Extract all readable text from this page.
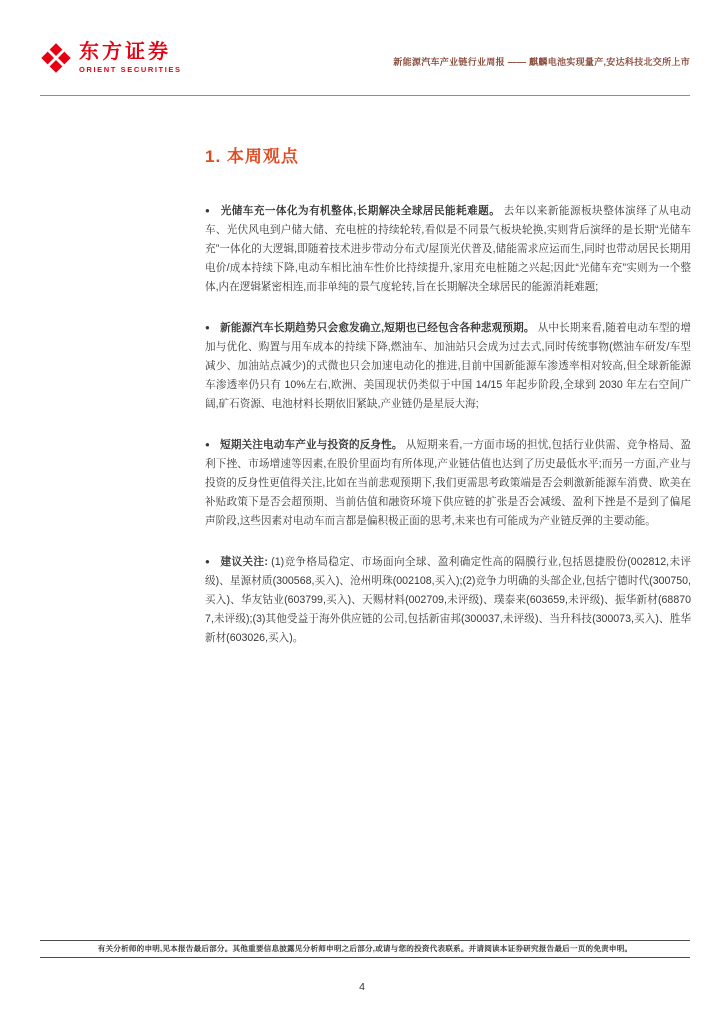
东方证券
ORIENT SECURITIES
新能源汽车产业链行业周报 —— 麒麟电池实现量产,安达科技北交所上市
1. 本周观点

● 光储车充一体化为有机整体,长期解决全球居民能耗难题。 去年以来新能源板块整体演绎了从电动车、光伏风电到户储大储、充电桩的持续轮转,看似是不同景气板块轮换,实则背后演绎的是长期“光储车充”一体化的大逻辑,即随着技术进步带动分布式/屋顶光伏普及,储能需求应运而生,同时也带动居民长期用电价/成本持续下降,电动车相比油车性价比持续提升,家用充电桩随之兴起;因此“光储车充”实则为一个整体,内在逻辑紧密相连,而非单纯的景气度轮转,旨在长期解决全球居民的能源消耗难题;

● 新能源汽车长期趋势只会愈发确立,短期也已经包含各种悲观预期。 从中长期来看,随着电动车型的增加与优化、购置与用车成本的持续下降,燃油车、加油站只会成为过去式,同时传统事物(燃油车研发/车型减少、加油站点减少)的式微也只会加速电动化的推进,目前中国新能源车渗透率相对较高,但全球新能源车渗透率仍只有 10%左右,欧洲、美国现状仍类似于中国 14/15 年起步阶段,全球到 2030 年左右空间广阔,矿石资源、电池材料长期依旧紧缺,产业链仍是星辰大海;

● 短期关注电动车产业与投资的反身性。 从短期来看,一方面市场的担忧,包括行业供需、竞争格局、盈利下挫、市场增速等因素,在股价里面均有所体现,产业链估值也达到了历史最低水平;而另一方面,产业与投资的反身性更值得关注,比如在当前悲观预期下,我们更需思考政策端是否会刺激新能源车消费、欧美在补贴政策下是否会超预期、当前估值和融资环境下供应链的扩张是否会减缓、盈利下挫是不是到了偏尾声阶段,这些因素对电动车而言都是偏积极正面的思考,未来也有可能成为产业链反弹的主要动能。

● 建议关注: (1)竞争格局稳定、市场面向全球、盈利确定性高的隔膜行业,包括恩捷股份(002812,未评级)、星源材质(300568,买入)、沧州明珠(002108,买入);(2)竞争力明确的头部企业,包括宁德时代(300750,买入)、华友钴业(603799,买入)、天赐材料(002709,未评级)、璞泰来(603659,未评级)、振华新材(688707,未评级);(3)其他受益于海外供应链的公司,包括新宙邦(300037,未评级)、当升科技(300073,买入)、胜华新材(603026,买入)。

有关分析师的申明,见本报告最后部分。其他重要信息披露见分析师申明之后部分,或请与您的投资代表联系。并请阅读本证券研究报告最后一页的免责申明。
4
